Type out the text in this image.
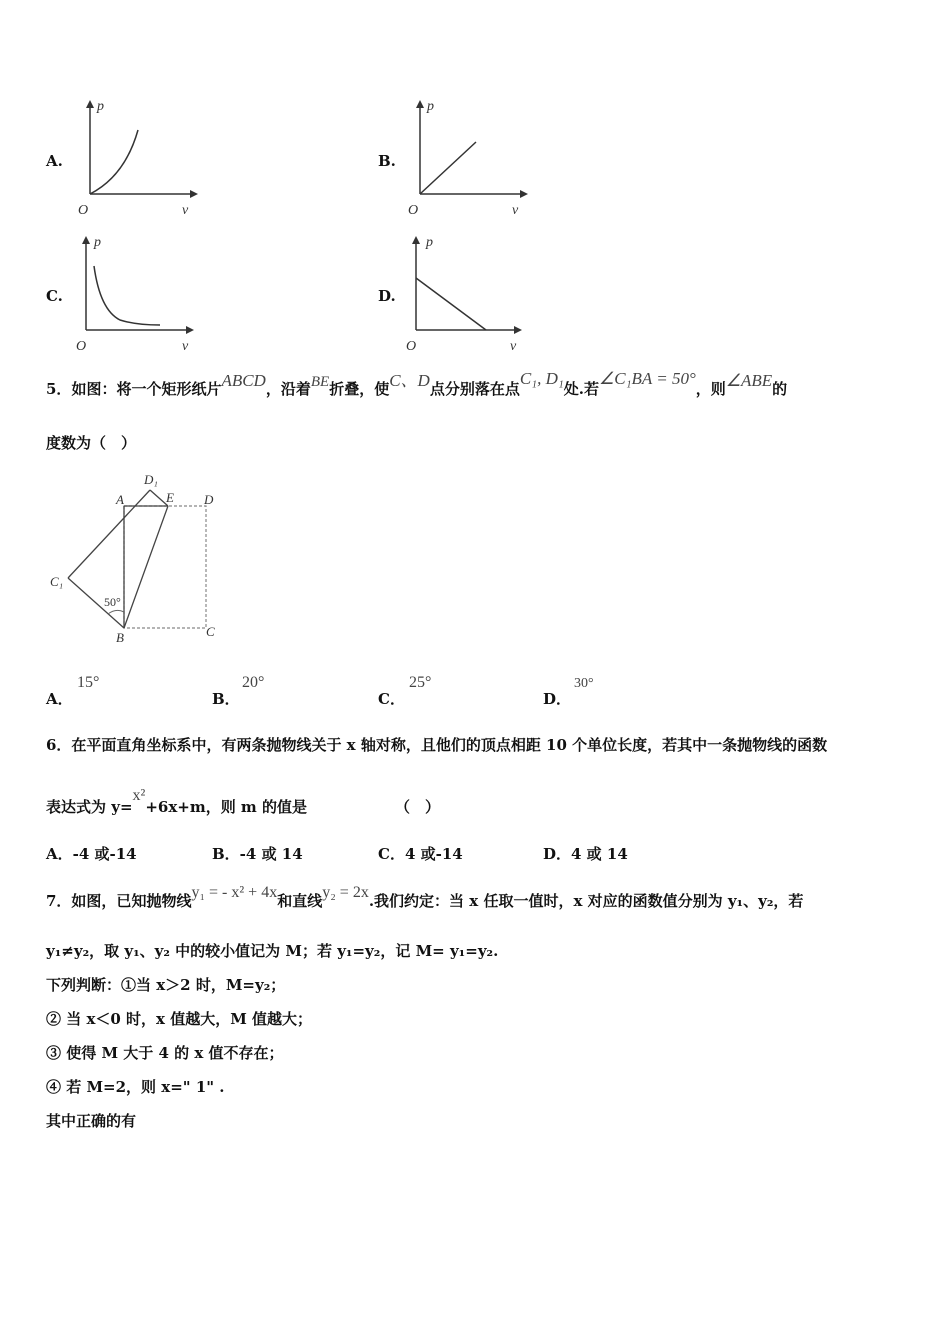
A.
p
v
O
B.
p
v
O
C.
p
v
O
D.
p
v
O
5．如图：将一个矩形纸片ABCD，沿着BE折叠，使C、D点分别落在点C₁, D₁处.若∠C₁BA = 50°，则∠ABE的
度数为（　）
A
D₁
E D
C₁
50°
B	C
A．
15°
B．
20°
C．
25°
D．
30°
6．在平面直角坐标系中，有两条抛物线关于 x 轴对称，且他们的顶点相距 10 个单位长度，若其中一条抛物线的函数
表达式为 y=x²+6x+m，则 m 的值是	（　）
A．-4 或-14	B．-4 或 14	C．4 或-14	D．4 或 14
7．如图，已知抛物线y₁ = - x² + 4x和直线y₂ = 2x.我们约定：当 x 任取一值时，x 对应的函数值分别为 y₁、y₂，若
y₁≠y₂，取 y₁、y₂ 中的较小值记为 M；若 y₁=y₂，记 M= y₁=y₂.
下列判断：①当 x＞2 时，M=y₂；
② 当 x＜0 时，x 值越大，M 值越大；
③ 使得 M 大于 4 的 x 值不存在；
④ 若 M=2，则 x=" 1" .
其中正确的有
